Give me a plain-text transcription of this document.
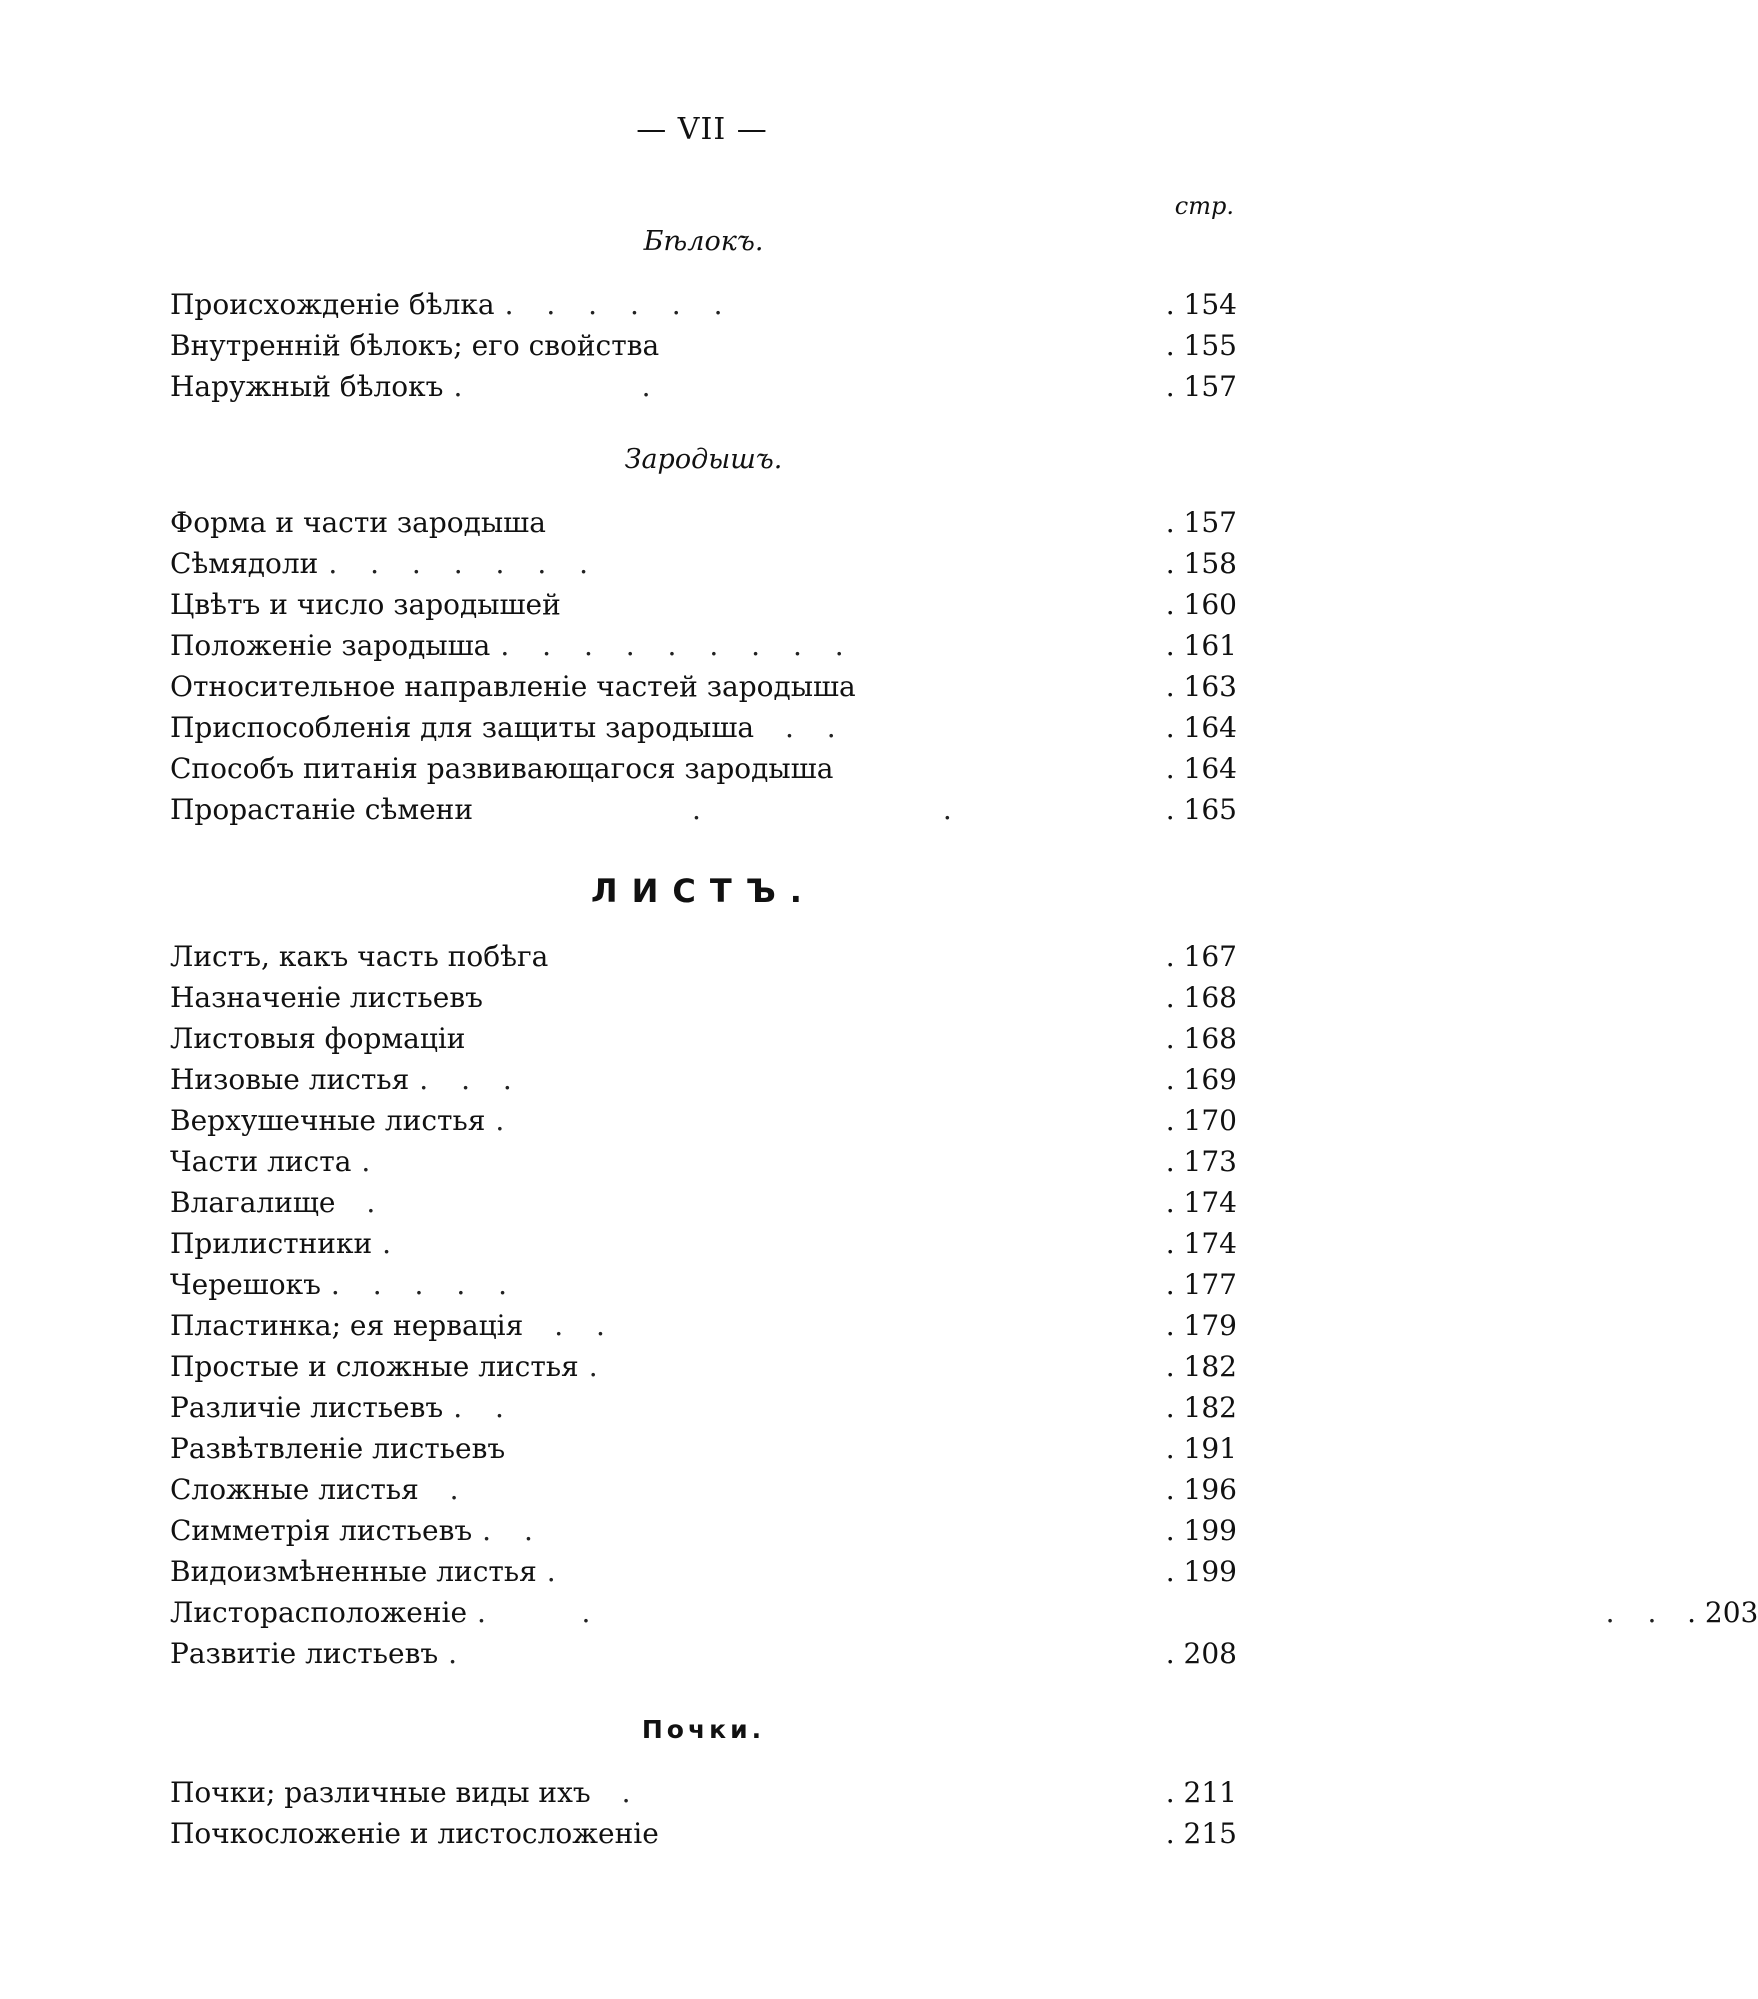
— VII —
стр.
Бѣлокъ.
Происхожденіе бѣлка . . . . . .	. 154
Внутренній бѣлокъ; его свойства	. 155
Наружный бѣлокъ .        .	. 157
Зародышъ.
Форма и части зародыша	. 157
Сѣмядоли . . . . . . .	. 158
Цвѣтъ и число зародышей	. 160
Положеніе зародыша . . . . . . . . .	. 161
Относительное направленіе частей зародыша	. 163
Приспособленія для защиты зародыша . .	. 164
Способъ питанія развивающагося зародыша	. 164
Прорастаніе сѣмени .           .	. 165
ЛИСТЪ.
Листъ, какъ часть побѣга	. 167
Назначеніе листьевъ	. 168
Листовыя формаціи	. 168
Низовые листья . . .	. 169
Верхушечные листья .	. 170
Части листа .	. 173
Влагалище .	. 174
Прилистники .	. 174
Черешокъ . . . . .	. 177
Пластинка; ея нервація . .	. 179
Простые и сложные листья .	. 182
Различіе листьевъ . .	. 182
Развѣтвленіе листьевъ	. 191
Сложные листья .	. 196
Симметрія листьевъ . .	. 199
Видоизмѣненные листья .	. 199
Листорасположеніе .    .                                                . . . 203
Развитіе листьевъ .	. 208
Почки.
Почки; различные виды ихъ .	. 211
Почкосложеніе и листосложеніе	. 215
